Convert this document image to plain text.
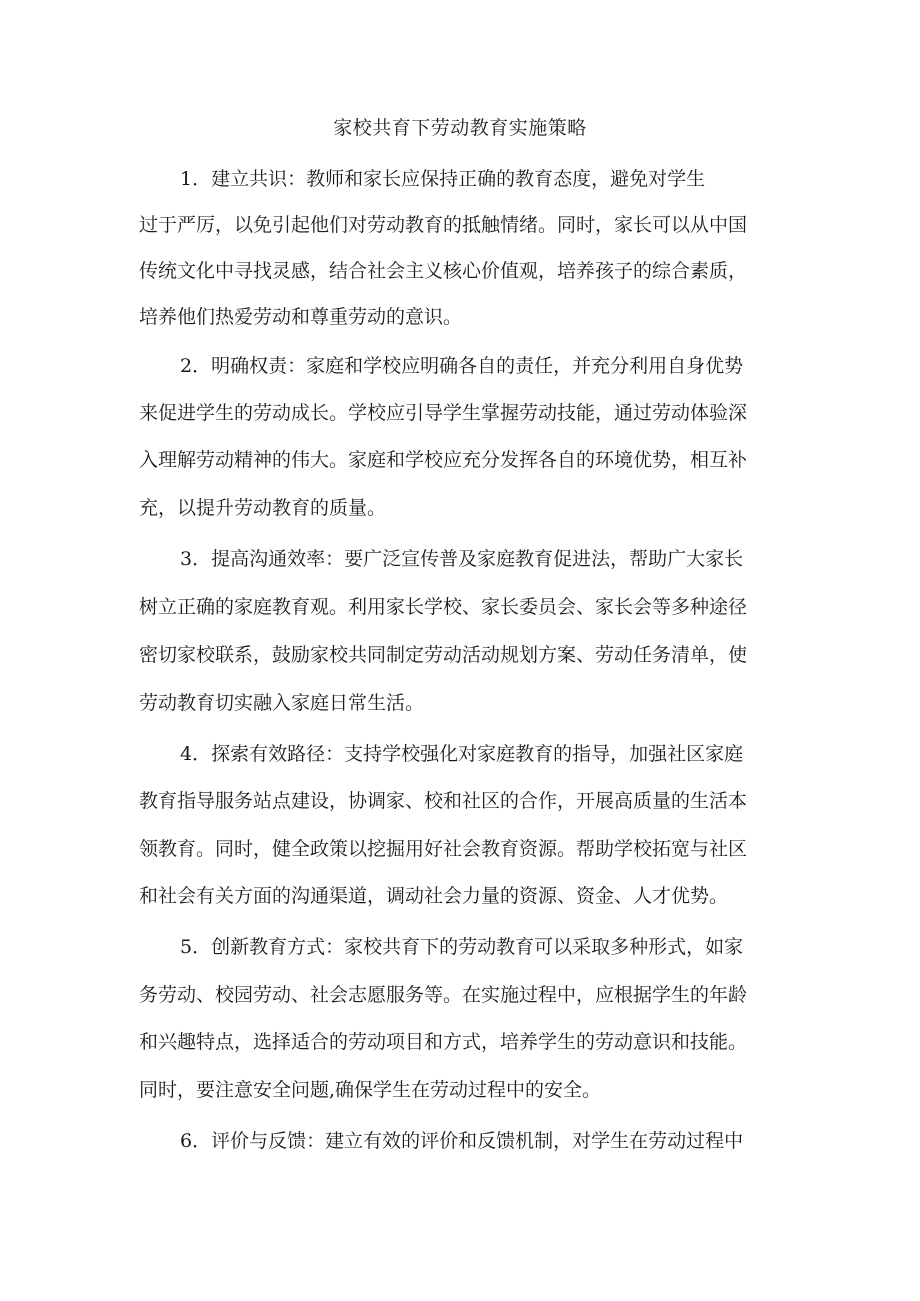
家校共育下劳动教育实施策略
1．建立共识：教师和家长应保持正确的教育态度，避免对学生
过于严厉，以免引起他们对劳动教育的抵触情绪。同时，家长可以从中国
传统文化中寻找灵感，结合社会主义核心价值观，培养孩子的综合素质，
培养他们热爱劳动和尊重劳动的意识。
2．明确权责：家庭和学校应明确各自的责任，并充分利用自身优势
来促进学生的劳动成长。学校应引导学生掌握劳动技能，通过劳动体验深
入理解劳动精神的伟大。家庭和学校应充分发挥各自的环境优势，相互补
充，以提升劳动教育的质量。
3．提高沟通效率：要广泛宣传普及家庭教育促进法，帮助广大家长
树立正确的家庭教育观。利用家长学校、家长委员会、家长会等多种途径
密切家校联系，鼓励家校共同制定劳动活动规划方案、劳动任务清单，使
劳动教育切实融入家庭日常生活。
4．探索有效路径：支持学校强化对家庭教育的指导，加强社区家庭
教育指导服务站点建设，协调家、校和社区的合作，开展高质量的生活本
领教育。同时，健全政策以挖掘用好社会教育资源。帮助学校拓宽与社区
和社会有关方面的沟通渠道，调动社会力量的资源、资金、人才优势。
5．创新教育方式：家校共育下的劳动教育可以采取多种形式，如家
务劳动、校园劳动、社会志愿服务等。在实施过程中，应根据学生的年龄
和兴趣特点，选择适合的劳动项目和方式，培养学生的劳动意识和技能。
同时，要注意安全问题,确保学生在劳动过程中的安全。
6．评价与反馈：建立有效的评价和反馈机制，对学生在劳动过程中
